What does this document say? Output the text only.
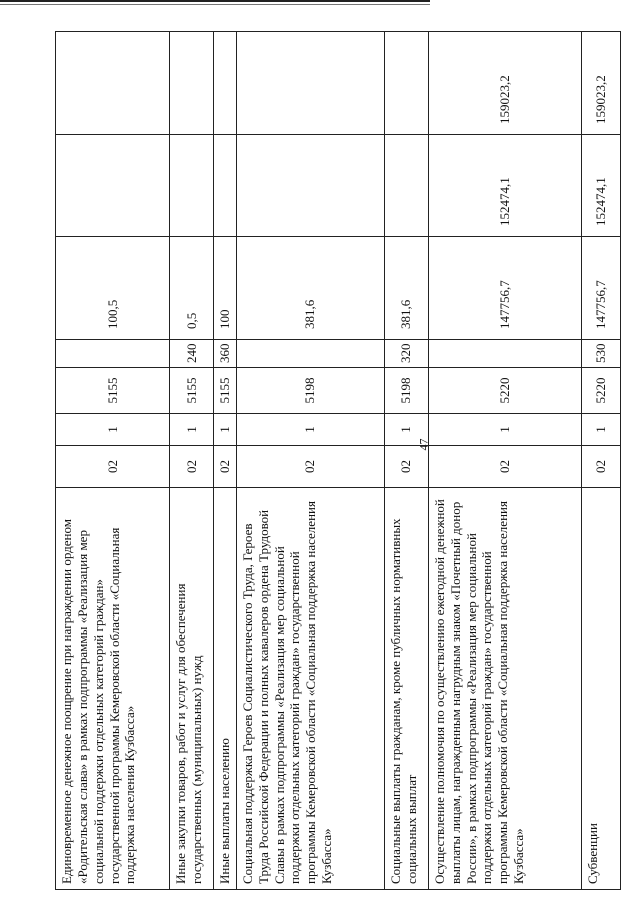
47
Единовременное денежное поощрение при награждении орденом «Родительская слава» в рамках подпрограммы «Реализация мер социальной поддержки отдельных категорий граждан» государственной программы Кемеровской области «Социальная поддержка населения Кузбасса»	02	1	5155		100,5		
Иные закупки товаров, работ и услуг для обеспечения государственных (муниципальных) нужд	02	1	5155	240	0,5		
Иные выплаты населению	02	1	5155	360	100		
Социальная поддержка Героев Социалистического Труда, Героев Труда Российской Федерации и полных кавалеров ордена Трудовой Славы в рамках подпрограммы «Реализация мер социальной поддержки отдельных категорий граждан» государственной программы Кемеровской области «Социальная поддержка населения Кузбасса»	02	1	5198		381,6		
Социальные выплаты гражданам, кроме публичных нормативных социальных выплат	02	1	5198	320	381,6		
Осуществление полномочия по осуществлению ежегодной денежной выплаты лицам, награжденным нагрудным знаком «Почетный донор России», в рамках подпрограммы «Реализация мер социальной поддержки отдельных категорий граждан» государственной программы Кемеровской области «Социальная поддержка населения Кузбасса»	02	1	5220		147756,7	152474,1	159023,2
Субвенции	02	1	5220	530	147756,7	152474,1	159023,2
